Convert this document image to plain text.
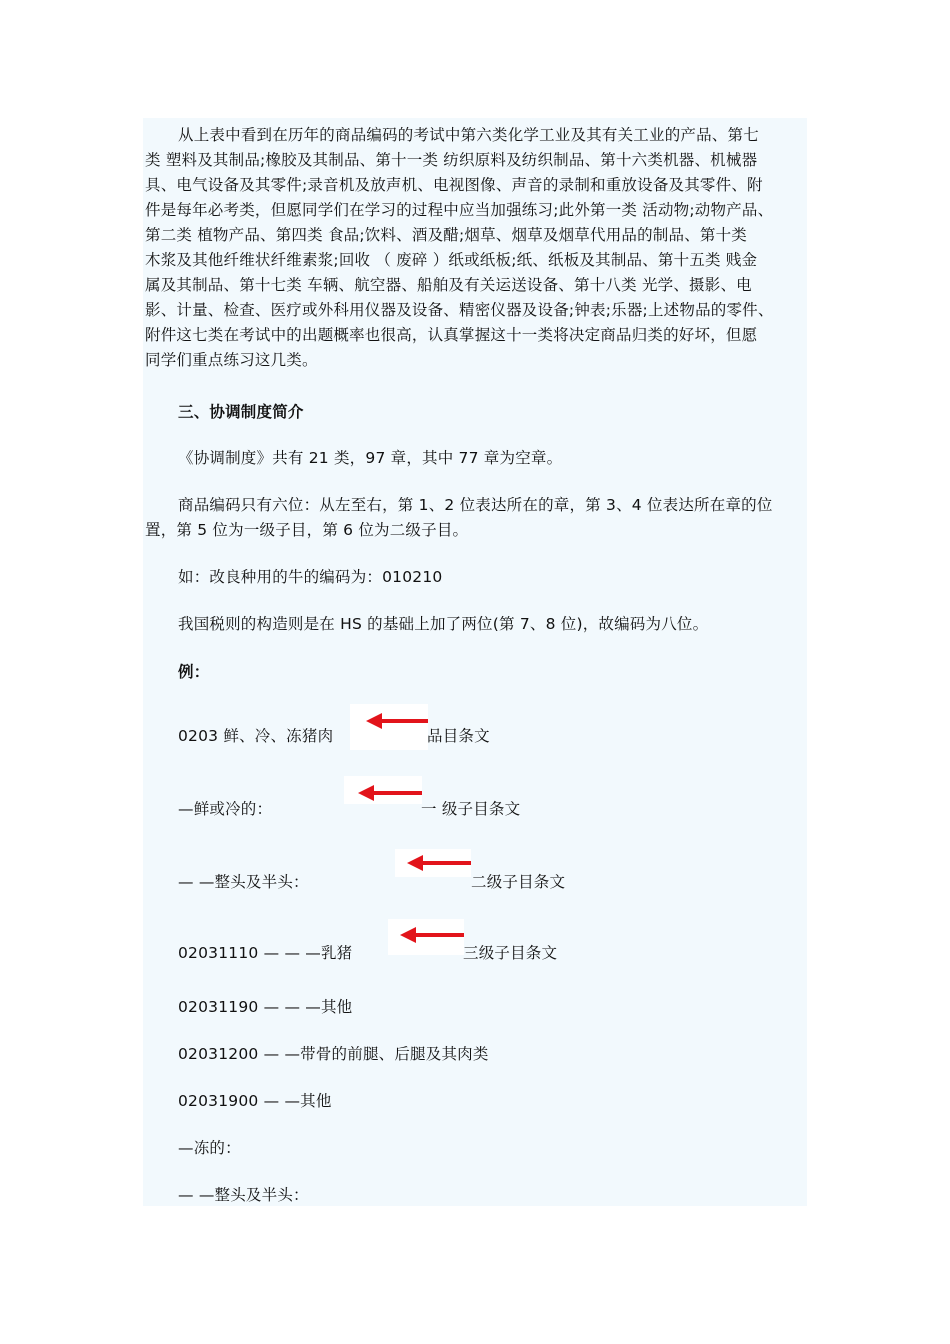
从上表中看到在历年的商品编码的考试中第六类化学工业及其有关工业的产品、第七
类 塑料及其制品;橡胶及其制品、第十一类 纺织原料及纺织制品、第十六类机器、机械器
具、电气设备及其零件;录音机及放声机、电视图像、声音的录制和重放设备及其零件、附
件是每年必考类，但愿同学们在学习的过程中应当加强练习;此外第一类 活动物;动物产品、
第二类 植物产品、第四类 食品;饮料、酒及醋;烟草、烟草及烟草代用品的制品、第十类
木浆及其他纤维状纤维素浆;回收 （ 废碎 ）纸或纸板;纸、纸板及其制品、第十五类 贱金
属及其制品、第十七类 车辆、航空器、船舶及有关运送设备、第十八类 光学、摄影、电
影、计量、检查、医疗或外科用仪器及设备、精密仪器及设备;钟表;乐器;上述物品的零件、
附件这七类在考试中的出题概率也很高，认真掌握这十一类将决定商品归类的好坏，但愿
同学们重点练习这几类。
三、协调制度简介
《协调制度》共有 21 类，97 章，其中 77 章为空章。
商品编码只有六位：从左至右，第 1、2 位表达所在的章，第 3、4 位表达所在章的位
置，第 5 位为一级子目，第 6 位为二级子目。
如：改良种用的牛的编码为：010210
我国税则的构造则是在 HS 的基础上加了两位(第 7、8 位)，故编码为八位。
例：
0203 鲜、冷、冻猪肉	品目条文
—鲜或冷的：	一 级子目条文
— —整头及半头：	二级子目条文
02031110 — — —乳猪	三级子目条文
02031190 — — —其他
02031200 — —带骨的前腿、后腿及其肉类
02031900 — —其他
—冻的：
— —整头及半头：
